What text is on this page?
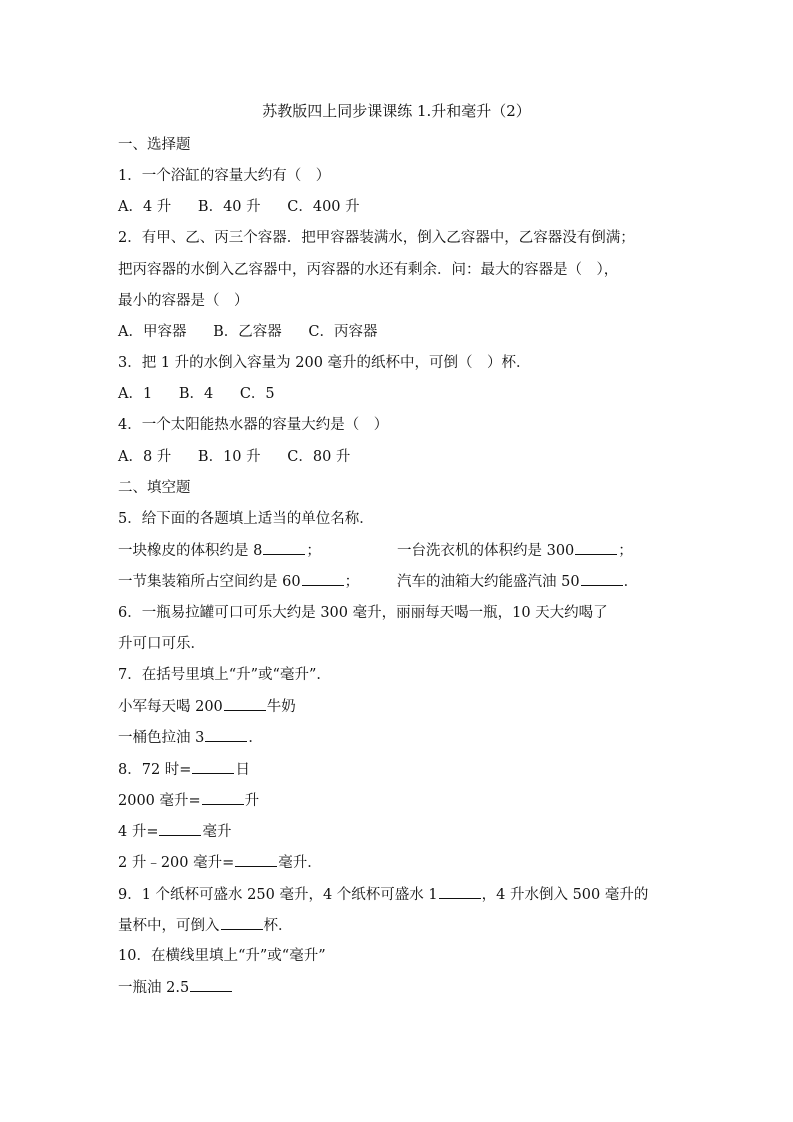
苏教版四上同步课课练 1.升和毫升（2）
一、选择题
1．一个浴缸的容量大约有（　）
A．4 升 B．40 升 C．400 升
2．有甲、乙、丙三个容器．把甲容器装满水，倒入乙容器中，乙容器没有倒满；
把丙容器的水倒入乙容器中，丙容器的水还有剩余．问：最大的容器是（　），
最小的容器是（　）
A．甲容器 B．乙容器 C．丙容器
3．把 1 升的水倒入容量为 200 毫升的纸杯中，可倒（　）杯．
A．1 B．4 C．5
4．一个太阳能热水器的容量大约是（　）
A．8 升 B．10 升 C．80 升
二、填空题
5．给下面的各题填上适当的单位名称．
一块橡皮的体积约是 8	；	一台洗衣机的体积约是 300	；
一节集装箱所占空间约是 60	；	汽车的油箱大约能盛汽油 50	．
6．一瓶易拉罐可口可乐大约是 300 毫升，丽丽每天喝一瓶，10 天大约喝了
升可口可乐．
7．在括号里填上“升”或“毫升”．
小军每天喝 200	牛奶
一桶色拉油 3	．
8．72 时=	日
2000 毫升=	升
4 升=	毫升
2 升﹣200 毫升=	毫升．
9．1 个纸杯可盛水 250 毫升，4 个纸杯可盛水 1	，4 升水倒入 500 毫升的
量杯中，可倒入	杯．
10．在横线里填上“升”或“毫升”
一瓶油 2.5
